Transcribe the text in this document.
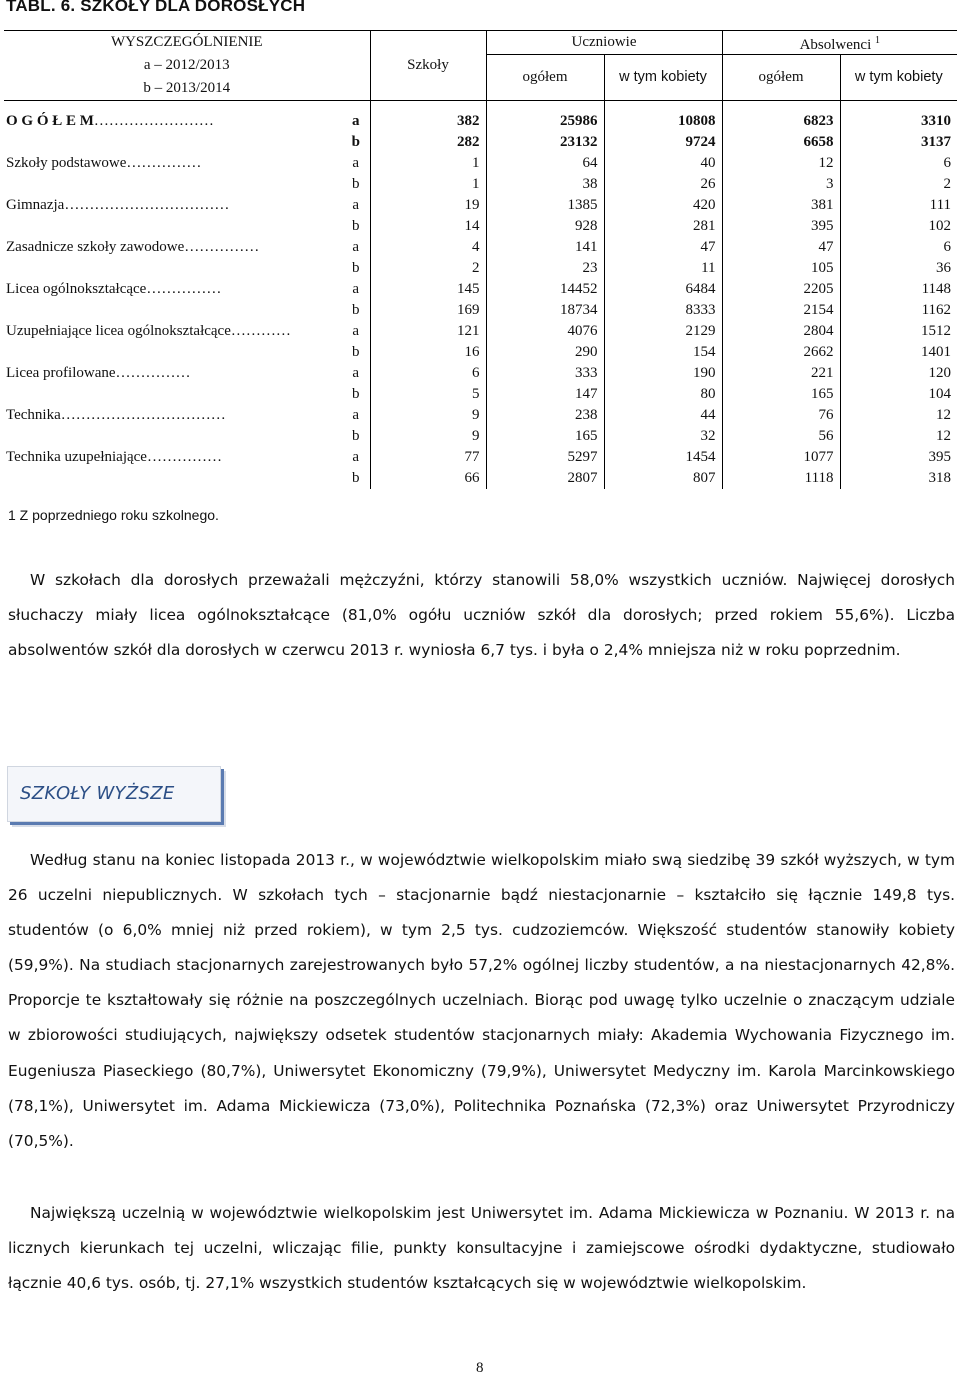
TABL. 6. SZKOŁY DLA DOROSŁYCH
WYSZCZEGÓLNIENIE		Szkoły	Uczniowie		Absolwenci $^1$
a – 2012/2013			ogółem	w tym kobiety	ogółem	w tym kobiety
b – 2013/2014						
O G Ó Ł E M……………………	a	382	25986	10808	6823	3310
	b	282	23132	9724	6658	3137
Szkoły podstawowe……………	a	1	64	40	12	6
	b	1	38	26	3	2
Gimnazja……………………………	a	19	1385	420	381	111
	b	14	928	281	395	102
Zasadnicze szkoły zawodowe……………	a	4	141	47	47	6
	b	2	23	11	105	36
Licea ogólnokształcące……………	a	145	14452	6484	2205	1148
	b	169	18734	8333	2154	1162
Uzupełniające licea ogólnokształcące…………	a	121	4076	2129	2804	1512
	b	16	290	154	2662	1401
Licea profilowane……………	a	6	333	190	221	120
	b	5	147	80	165	104
Technika……………………………	a	9	238	44	76	12
	b	9	165	32	56	12
Technika uzupełniające……………	a	77	5297	1454	1077	395
	b	66	2807	807	1118	318
1 Z poprzedniego roku szkolnego.

W szkołach dla dorosłych przeważali mężczyźni, którzy stanowili 58,0% wszystkich uczniów. Najwięcej dorosłych słuchaczy miały licea ogólnokształcące (81,0% ogółu uczniów szkół dla dorosłych; przed rokiem 55,6%). Liczba absolwentów szkół dla dorosłych w czerwcu 2013 r. wyniosła 6,7 tys. i była o 2,4% mniejsza niż w roku poprzednim.

SZKOŁY WYŻSZE

Według stanu na koniec listopada 2013 r., w województwie wielkopolskim miało swą siedzibę 39 szkół wyższych, w tym 26 uczelni niepublicznych. W szkołach tych – stacjonarnie bądź niestacjonarnie – kształciło się łącznie 149,8 tys. studentów (o 6,0% mniej niż przed rokiem), w tym 2,5 tys. cudzoziemców. Większość studentów stanowiły kobiety (59,9%). Na studiach stacjonarnych zarejestrowanych było 57,2% ogólnej liczby studentów, a na niestacjonarnych 42,8%. Proporcje te kształtowały się różnie na poszczególnych uczelniach. Biorąc pod uwagę tylko uczelnie o znaczącym udziale w zbiorowości studiujących, największy odsetek studentów stacjonarnych miały: Akademia Wychowania Fizycznego im. Eugeniusza Piaseckiego (80,7%), Uniwersytet Ekonomiczny (79,9%), Uniwersytet Medyczny im. Karola Marcinkowskiego (78,1%), Uniwersytet im. Adama Mickiewicza (73,0%), Politechnika Poznańska (72,3%) oraz Uniwersytet Przyrodniczy (70,5%).

Największą uczelnią w województwie wielkopolskim jest Uniwersytet im. Adama Mickiewicza w Poznaniu. W 2013 r. na licznych kierunkach tej uczelni, wliczając filie, punkty konsultacyjne i zamiejscowe ośrodki dydaktyczne, studiowało łącznie 40,6 tys. osób, tj. 27,1% wszystkich studentów kształcących się w województwie wielkopolskim.

8
